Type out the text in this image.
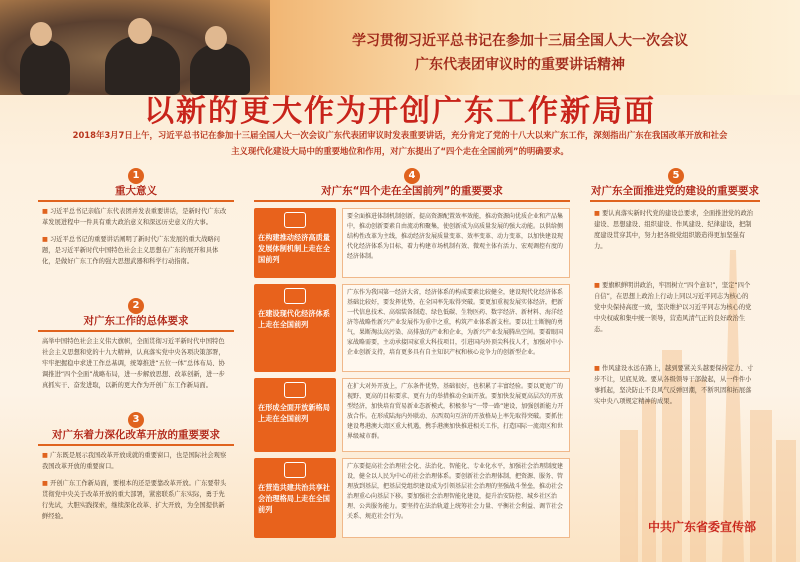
学习贯彻习近平总书记在参加十三届全国人大一次会议
广东代表团审议时的重要讲话精神
以新的更大作为开创广东工作新局面
2018年3月7日上午，习近平总书记在参加十三届全国人大一次会议广东代表团审议时发表重要讲话，充分肯定了党的十八大以来广东工作，深刻指出广东在我国改革开放和社会主义现代化建设大局中的重要地位和作用，对广东提出了“四个走在全国前列”的明确要求。
1
重大意义

■ 习近平总书记亲临广东代表团并发表重要讲话，是新时代广东改革发展进程中一件具有重大政治意义和深远历史意义的大事。

■ 习近平总书记的重要讲话阐明了新时代广东发展的重大战略问题，是习近平新时代中国特色社会主义思想在广东的展开和具体化，是做好广东工作的强大思想武器和科学行动指南。

2
对广东工作的总体要求

高举中国特色社会主义伟大旗帜，全面贯彻习近平新时代中国特色社会主义思想和党的十九大精神，认真落实党中央各项决策部署，牢牢把握稳中求进工作总基调，统筹推进“五位一体”总体布局、协调推进“四个全面”战略布局，进一步解放思想、改革创新，进一步真抓实干、奋发进取，以新的更大作为开创广东工作新局面。

3
对广东着力深化改革开放的重要要求

■ 广东既是展示我国改革开放成就的重要窗口，也是国际社会观察我国改革开放的重要窗口。

■ 开创广东工作新局面，要根本的还是要靠改革开放。广东要带头贯彻党中央关于改革开放的重大部署，紧密联系广东实际，勇于先行先试，大胆实践探索，继续深化改革、扩大开放，为全国提供新鲜经验。

4
对广东“四个走在全国前列”的重要要求
在构建推动经济高质量发展体制机制上走在全国前列
要全面推进体制机制创新，提高资源配置效率效能，推动资源向优质企业和产品集中，推动创新要素自由流动和聚集，使创新成为高质量发展的强大动能。以供给侧结构性改革为主线，推动经济发展质量变革、效率变革、动力变革，以加快建设现代化经济体系为目标，着力构建市场机制有效、微观主体有活力、宏观调控有度的经济体制。
在建设现代化经济体系上走在全国前列
广东作为我国第一经济大省，经济体系的构成要素比较健全，建设现代化经济体系基础比较好，要发挥优势，在全国率先取得突破。要更加重视发展实体经济，把新一代信息技术、高端装备制造、绿色低碳、生物医药、数字经济、新材料、海洋经济等战略性新兴产业发展作为重中之重，构筑产业体系新支柱。要以壮士断腕的勇气，果断淘汰高污染、高排放的产业和企业，为新兴产业发展腾出空间。要着眼国家战略需要，主动承接国家重大科技项目，引进国内外顶尖科技人才，加强对中小企业创新支持，培育更多具有自主知识产权和核心竞争力的创新型企业。
在形成全面开放新格局上走在全国前列
在扩大对外开放上，广东条件优势，基础很好，也积累了丰富经验。要以更宽广的视野、更高的目标要求、更有力的举措推动全面开放。要加快发展更高层次的开放型经济，加快培育贸易新业态新模式，积极参与“一带一路”建设，加强创新能力开放合作。在形成陆海内外联动、东西双向互济的开放格局上率先取得突破。要抓住建设粤港澳大湾区重大机遇，携手港澳加快推进相关工作，打造国际一流湾区和世界级城市群。
在营造共建共治共享社会治理格局上走在全国前列
广东要提高社会治理社会化、法治化、智能化、专业化水平，加强社会治理制度建设，健全以人民为中心的社会治理体系。要创新社会治理体制，把资源、服务、管理放到基层，把基层党组织建设成为引领基层社会治理的坚强战斗堡垒，推动社会治理重心向基层下移。要加强社会治理智能化建设，提升治安防控、城乡社区治理、公共服务能力。要坚持在法治轨道上统筹社会力量、平衡社会利益、调节社会关系、规范社会行为。
5
对广东全面推进党的建设的重要要求

■ 要认真落实新时代党的建设总要求，全面推进党的政治建设、思想建设、组织建设、作风建设、纪律建设，把制度建设贯穿其中，努力把各级党组织锻造得更加坚强有力。

■ 要旗帜鲜明讲政治，牢固树立“四个意识”，坚定“四个自信”，在思想上政治上行动上同以习近平同志为核心的党中央保持高度一致，坚决维护以习近平同志为核心的党中央权威和集中统一领导，营造风清气正的良好政治生态。

■ 作风建设永远在路上，越到要紧关头越要保持定力、寸步不让，见底见效。要从各级领导干部做起，从一件件小事抓起，坚决防止不良风气反弹回潮，不断巩固和拓展落实中央八项规定精神的成果。

中共广东省委宣传部
